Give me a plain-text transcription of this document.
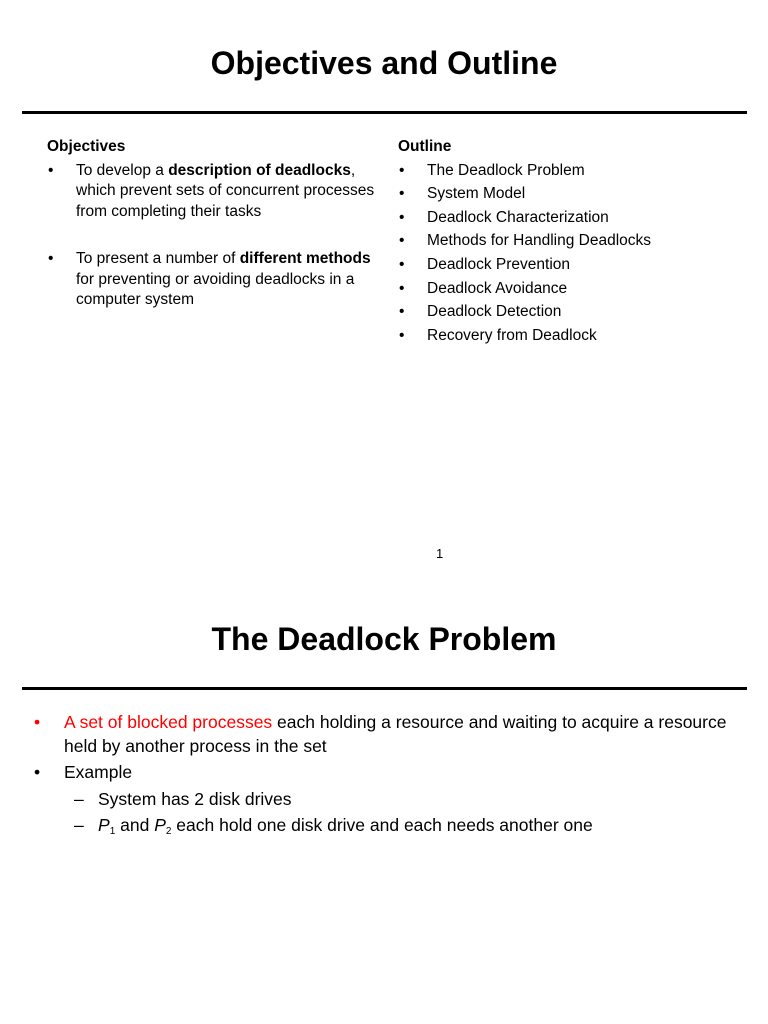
Objectives and Outline
Objectives
• To develop a description of deadlocks, which prevent sets of concurrent processes from completing their tasks
• To present a number of different methods for preventing or avoiding deadlocks in a computer system
Outline
• The Deadlock Problem
• System Model
• Deadlock Characterization
• Methods for Handling Deadlocks
• Deadlock Prevention
• Deadlock Avoidance
• Deadlock Detection
• Recovery from Deadlock
1
The Deadlock Problem
• A set of blocked processes each holding a resource and waiting to acquire a resource held by another process in the set
• Example
– System has 2 disk drives
– $P_1$ and $P_2$ each hold one disk drive and each needs another one
